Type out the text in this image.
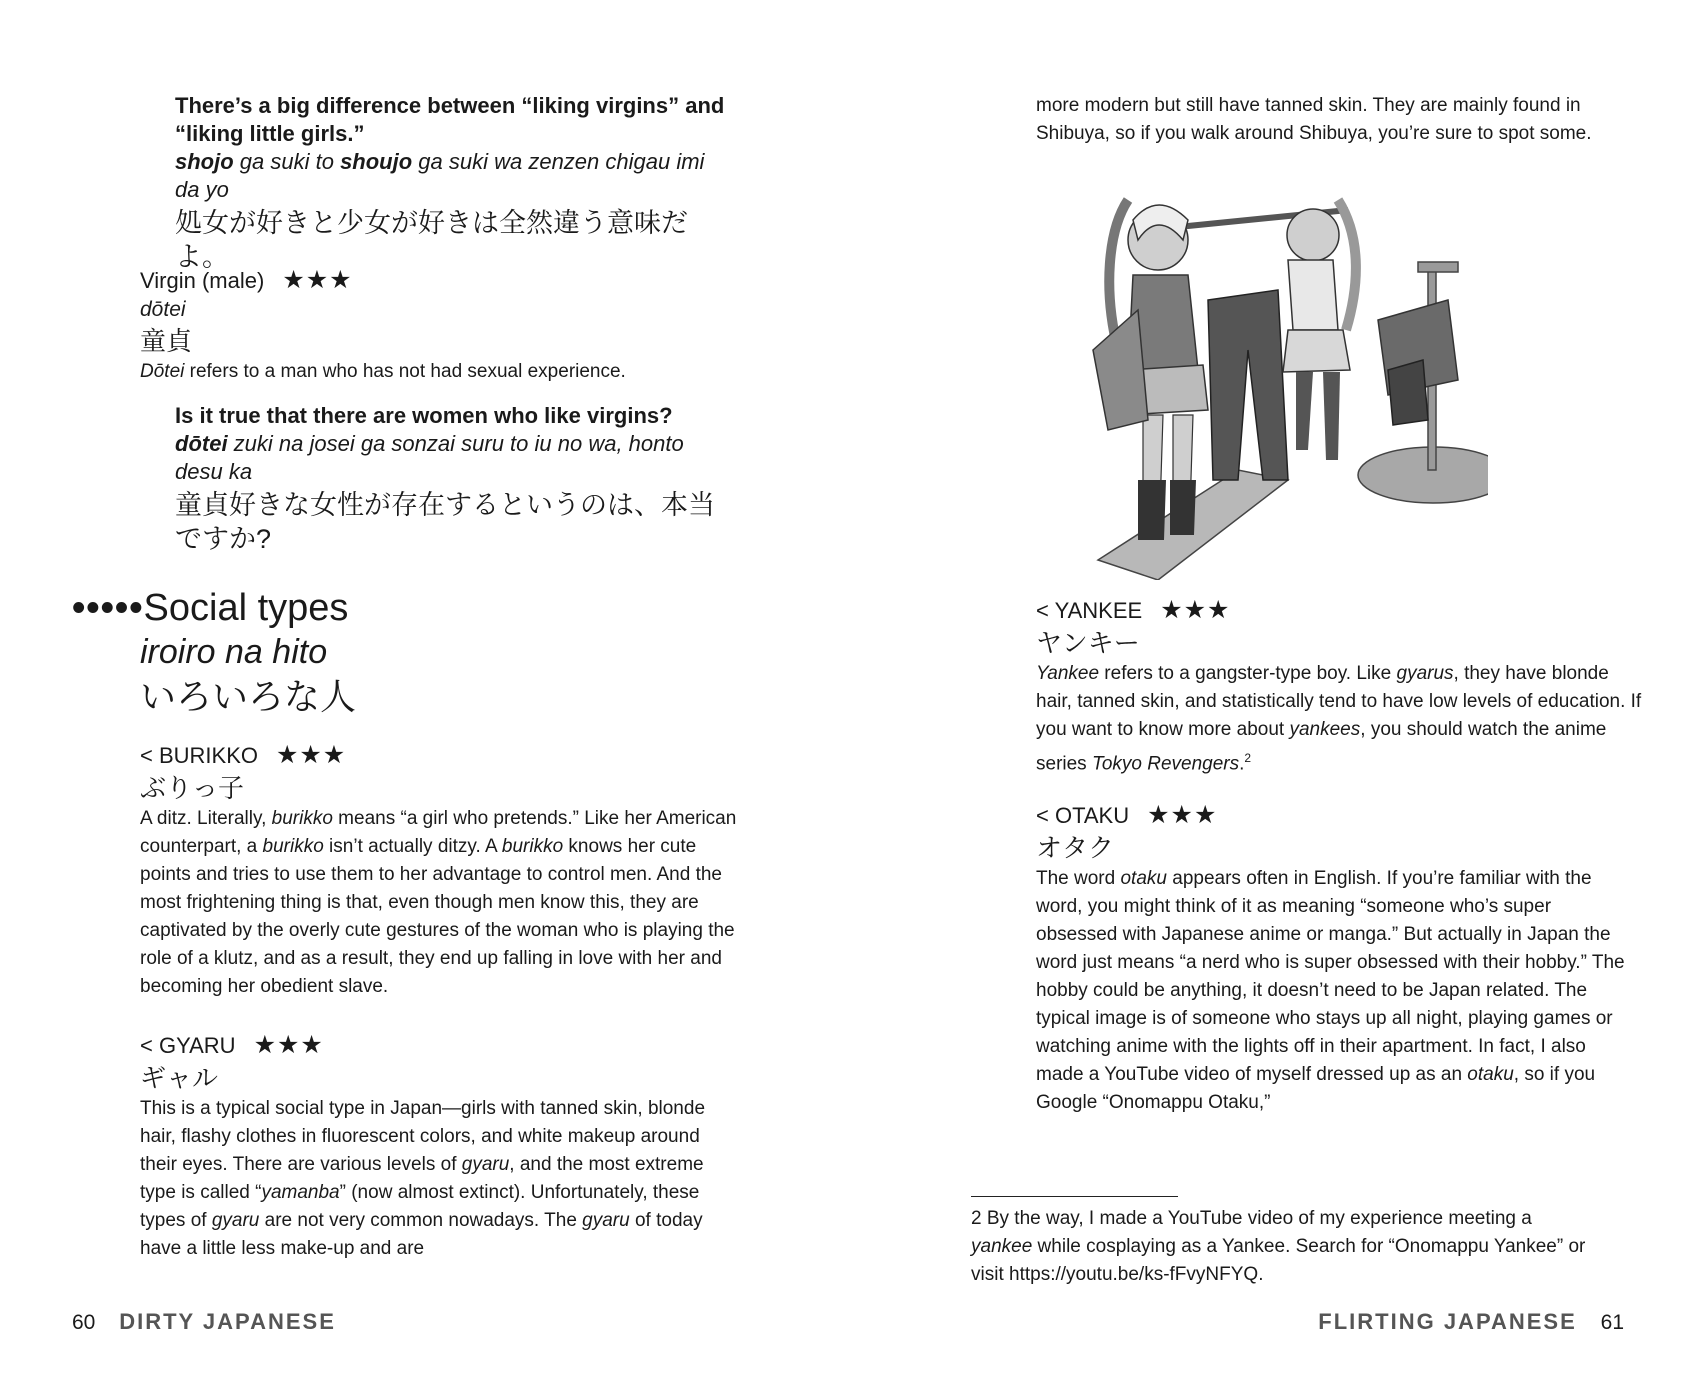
There’s a big difference between “liking virgins” and “liking little girls.”
shojo ga suki to shoujo ga suki wa zenzen chigau imi da yo
処女が好きと少女が好きは全然違う意味だよ。
Virgin (male) ★★★
dōtei
童貞
Dōtei refers to a man who has not had sexual experience.
Is it true that there are women who like virgins?
dōtei zuki na josei ga sonzai suru to iu no wa, honto desu ka
童貞好きな女性が存在するというのは、本当ですか?
•••••Social types
iroiro na hito
いろいろな人
< BURIKKO ★★★
ぶりっ子
A ditz. Literally, burikko means “a girl who pretends.” Like her American counterpart, a burikko isn’t actually ditzy. A burikko knows her cute points and tries to use them to her advantage to control men. And the most frightening thing is that, even though men know this, they are captivated by the overly cute gestures of the woman who is playing the role of a klutz, and as a result, they end up falling in love with her and becoming her obedient slave.
< GYARU ★★★
ギャル
This is a typical social type in Japan—girls with tanned skin, blonde hair, flashy clothes in fluorescent colors, and white makeup around their eyes. There are various levels of gyaru, and the most extreme type is called “yamanba” (now almost extinct). Unfortunately, these types of gyaru are not very common nowadays. The gyaru of today have a little less make-up and are
60 DIRTY JAPANESE
more modern but still have tanned skin. They are mainly found in Shibuya, so if you walk around Shibuya, you’re sure to spot some.
< YANKEE ★★★
ヤンキー
Yankee refers to a gangster-type boy. Like gyarus, they have blonde hair, tanned skin, and statistically tend to have low levels of education. If you want to know more about yankees, you should watch the anime series Tokyo Revengers.$^2$
< OTAKU ★★★
オタク
The word otaku appears often in English. If you’re familiar with the word, you might think of it as meaning “someone who’s super obsessed with Japanese anime or manga.” But actually in Japan the word just means “a nerd who is super obsessed with their hobby.” The hobby could be anything, it doesn’t need to be Japan related. The typical image is of someone who stays up all night, playing games or watching anime with the lights off in their apartment. In fact, I also made a YouTube video of myself dressed up as an otaku, so if you Google “Onomappu Otaku,”
2 By the way, I made a YouTube video of my experience meeting a yankee while cosplaying as a Yankee. Search for “Onomappu Yankee” or visit https://youtu.be/ks-fFvyNFYQ.
FLIRTING JAPANESE 61
